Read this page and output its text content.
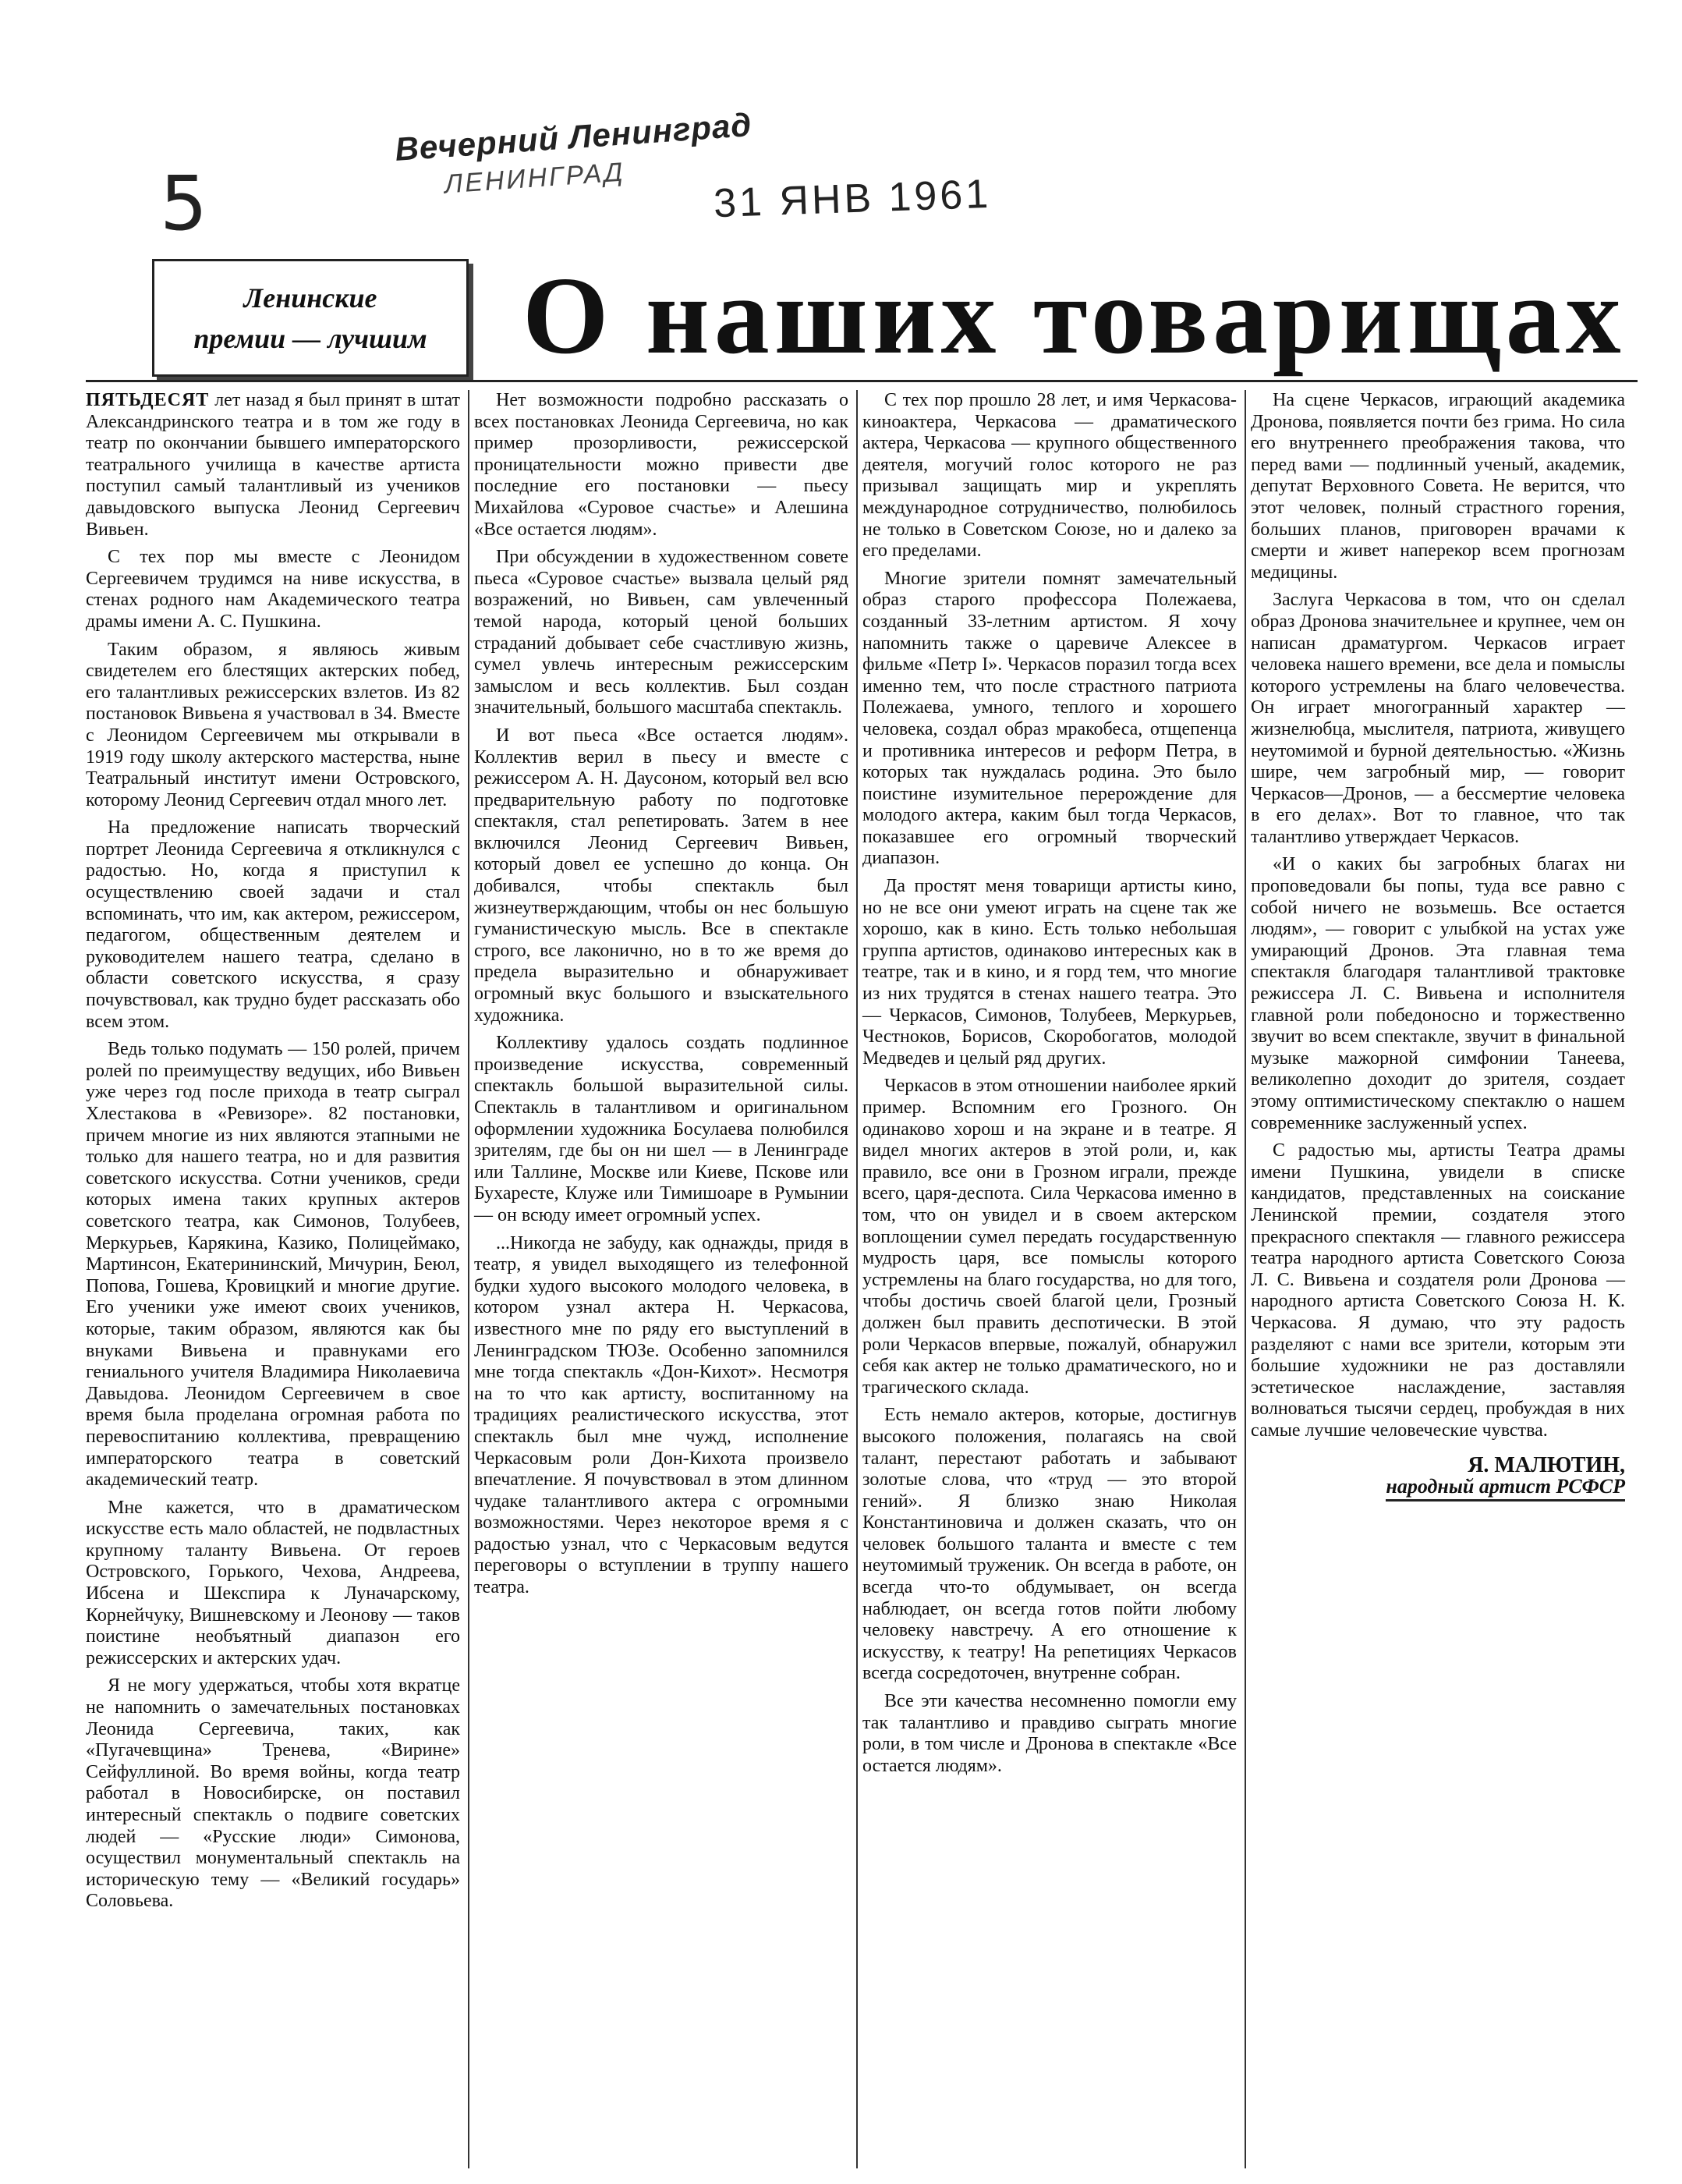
5
Вечерний Ленинград
ЛЕНИНГРАД	31 ЯНВ 1961
Ленинские
премии — лучшим О наших товарищах

ПЯТЬДЕСЯТ лет назад я был принят в штат Александринского театра и в том же году в театр по окончании бывшего императорского театрального училища в качестве артиста поступил самый талантливый из учеников давыдовского выпуска Леонид Сергеевич Вивьен.

С тех пор мы вместе с Леонидом Сергеевичем трудимся на ниве искусства, в стенах родного нам Академического театра драмы имени А. С. Пушкина.

Таким образом, я являюсь живым свидетелем его блестящих актерских побед, его талантливых режиссерских взлетов. Из 82 постановок Вивьена я участвовал в 34. Вместе с Леонидом Сергеевичем мы открывали в 1919 году школу актерского мастерства, ныне Театральный институт имени Островского, которому Леонид Сергеевич отдал много лет.

На предложение написать творческий портрет Леонида Сергеевича я откликнулся с радостью. Но, когда я приступил к осуществлению своей задачи и стал вспоминать, что им, как актером, режиссером, педагогом, общественным деятелем и руководителем нашего театра, сделано в области советского искусства, я сразу почувствовал, как трудно будет рассказать обо всем этом.

Ведь только подумать — 150 ролей, причем ролей по преимуществу ведущих, ибо Вивьен уже через год после прихода в театр сыграл Хлестакова в «Ревизоре». 82 постановки, причем многие из них являются этапными не только для нашего театра, но и для развития советского искусства. Сотни учеников, среди которых имена таких крупных актеров советского театра, как Симонов, Толубеев, Меркурьев, Карякина, Казико, Полицеймако, Мартинсон, Екатерининский, Мичурин, Беюл, Попова, Гошева, Кровицкий и многие другие. Его ученики уже имеют своих учеников, которые, таким образом, являются как бы внуками Вивьена и правнуками его гениального учителя Владимира Николаевича Давыдова. Леонидом Сергеевичем в свое время была проделана огромная работа по перевоспитанию коллектива, превращению императорского театра в советский академический театр.

Мне кажется, что в драматическом искусстве есть мало областей, не подвластных крупному таланту Вивьена. От героев Островского, Горького, Чехова, Андреева, Ибсена и Шекспира к Луначарскому, Корнейчуку, Вишневскому и Леонову — таков поистине необъятный диапазон его режиссерских и актерских удач.

Я не могу удержаться, чтобы хотя вкратце не напомнить о замечательных постановках Леонида Сергеевича, таких, как «Пугачевщина» Тренева, «Вирине» Сейфуллиной. Во время войны, когда театр работал в Новосибирске, он поставил интересный спектакль о подвиге советских людей — «Русские люди» Симонова, осуществил монументальный спектакль на историческую тему — «Великий государь» Соловьева.

Нет возможности подробно рассказать о всех постановках Леонида Сергеевича, но как пример прозорливости, режиссерской проницательности можно привести две последние его постановки — пьесу Михайлова «Суровое счастье» и Алешина «Все остается людям».

При обсуждении в художественном совете пьеса «Суровое счастье» вызвала целый ряд возражений, но Вивьен, сам увлеченный темой народа, который ценой больших страданий добывает себе счастливую жизнь, сумел увлечь интересным режиссерским замыслом и весь коллектив. Был создан значительный, большого масштаба спектакль.

И вот пьеса «Все остается людям». Коллектив верил в пьесу и вместе с режиссером А. Н. Даусоном, который вел всю предварительную работу по подготовке спектакля, стал репетировать. Затем в нее включился Леонид Сергеевич Вивьен, который довел ее успешно до конца. Он добивался, чтобы спектакль был жизнеутверждающим, чтобы он нес большую гуманистическую мысль. Все в спектакле строго, все лаконично, но в то же время до предела выразительно и обнаруживает огромный вкус большого и взыскательного художника.

Коллективу удалось создать подлинное произведение искусства, современный спектакль большой выразительной силы. Спектакль в талантливом и оригинальном оформлении художника Босулаева полюбился зрителям, где бы он ни шел — в Ленинграде или Таллине, Москве или Киеве, Пскове или Бухаресте, Клуже или Тимишоаре в Румынии — он всюду имеет огромный успех.

...Никогда не забуду, как однажды, придя в театр, я увидел выходящего из телефонной будки худого высокого молодого человека, в котором узнал актера Н. Черкасова, известного мне по ряду его выступлений в Ленинградском ТЮЗе. Особенно запомнился мне тогда спектакль «Дон-Кихот». Несмотря на то что как артисту, воспитанному на традициях реалистического искусства, этот спектакль был мне чужд, исполнение Черкасовым роли Дон-Кихота произвело впечатление. Я почувствовал в этом длинном чудаке талантливого актера с огромными возможностями. Через некоторое время я с радостью узнал, что с Черкасовым ведутся переговоры о вступлении в труппу нашего театра.

С тех пор прошло 28 лет, и имя Черкасова-киноактера, Черкасова — драматического актера, Черкасова — крупного общественного деятеля, могучий голос которого не раз призывал защищать мир и укреплять международное сотрудничество, полюбилось не только в Советском Союзе, но и далеко за его пределами.

Многие зрители помнят замечательный образ старого профессора Полежаева, созданный 33-летним артистом. Я хочу напомнить также о царевиче Алексее в фильме «Петр I». Черкасов поразил тогда всех именно тем, что после страстного патриота Полежаева, умного, теплого и хорошего человека, создал образ мракобеса, отщепенца и противника интересов и реформ Петра, в которых так нуждалась родина. Это было поистине изумительное перерождение для молодого актера, каким был тогда Черкасов, показавшее его огромный творческий диапазон.

Да простят меня товарищи артисты кино, но не все они умеют играть на сцене так же хорошо, как в кино. Есть только небольшая группа артистов, одинаково интересных как в театре, так и в кино, и я горд тем, что многие из них трудятся в стенах нашего театра. Это — Черкасов, Симонов, Толубеев, Меркурьев, Честноков, Борисов, Скоробогатов, молодой Медведев и целый ряд других.

Черкасов в этом отношении наиболее яркий пример. Вспомним его Грозного. Он одинаково хорош и на экране и в театре. Я видел многих актеров в этой роли, и, как правило, все они в Грозном играли, прежде всего, царя-деспота. Сила Черкасова именно в том, что он увидел и в своем актерском воплощении сумел передать государственную мудрость царя, все помыслы которого устремлены на благо государства, но для того, чтобы достичь своей благой цели, Грозный должен был править деспотически. В этой роли Черкасов впервые, пожалуй, обнаружил себя как актер не только драматического, но и трагического склада.

Есть немало актеров, которые, достигнув высокого положения, полагаясь на свой талант, перестают работать и забывают золотые слова, что «труд — это второй гений». Я близко знаю Николая Константиновича и должен сказать, что он человек большого таланта и вместе с тем неутомимый труженик. Он всегда в работе, он всегда что-то обдумывает, он всегда наблюдает, он всегда готов пойти любому человеку навстречу. А его отношение к искусству, к театру! На репетициях Черкасов всегда сосредоточен, внутренне собран.

Все эти качества несомненно помогли ему так талантливо и правдиво сыграть многие роли, в том числе и Дронова в спектакле «Все остается людям».

На сцене Черкасов, играющий академика Дронова, появляется почти без грима. Но сила его внутреннего преображения такова, что перед вами — подлинный ученый, академик, депутат Верховного Совета. Не верится, что этот человек, полный страстного горения, больших планов, приговорен врачами к смерти и живет наперекор всем прогнозам медицины.

Заслуга Черкасова в том, что он сделал образ Дронова значительнее и крупнее, чем он написан драматургом. Черкасов играет человека нашего времени, все дела и помыслы которого устремлены на благо человечества. Он играет многогранный характер — жизнелюбца, мыслителя, патриота, живущего неутомимой и бурной деятельностью. «Жизнь шире, чем загробный мир, — говорит Черкасов—Дронов, — а бессмертие человека в его делах». Вот то главное, что так талантливо утверждает Черкасов.

«И о каких бы загробных благах ни проповедовали бы попы, туда все равно с собой ничего не возьмешь. Все остается людям», — говорит с улыбкой на устах уже умирающий Дронов. Эта главная тема спектакля благодаря талантливой трактовке режиссера Л. С. Вивьена и исполнителя главной роли победоносно и торжественно звучит во всем спектакле, звучит в финальной музыке мажорной симфонии Танеева, великолепно доходит до зрителя, создает этому оптимистическому спектаклю о нашем современнике заслуженный успех.

С радостью мы, артисты Театра драмы имени Пушкина, увидели в списке кандидатов, представленных на соискание Ленинской премии, создателя этого прекрасного спектакля — главного режиссера театра народного артиста Советского Союза Л. С. Вивьена и создателя роли Дронова — народного артиста Советского Союза Н. К. Черкасова. Я думаю, что эту радость разделяют с нами все зрители, которым эти большие художники не раз доставляли эстетическое наслаждение, заставляя волноваться тысячи сердец, пробуждая в них самые лучшие человеческие чувства.

Я. МАЛЮТИН,
народный артист РСФСР
